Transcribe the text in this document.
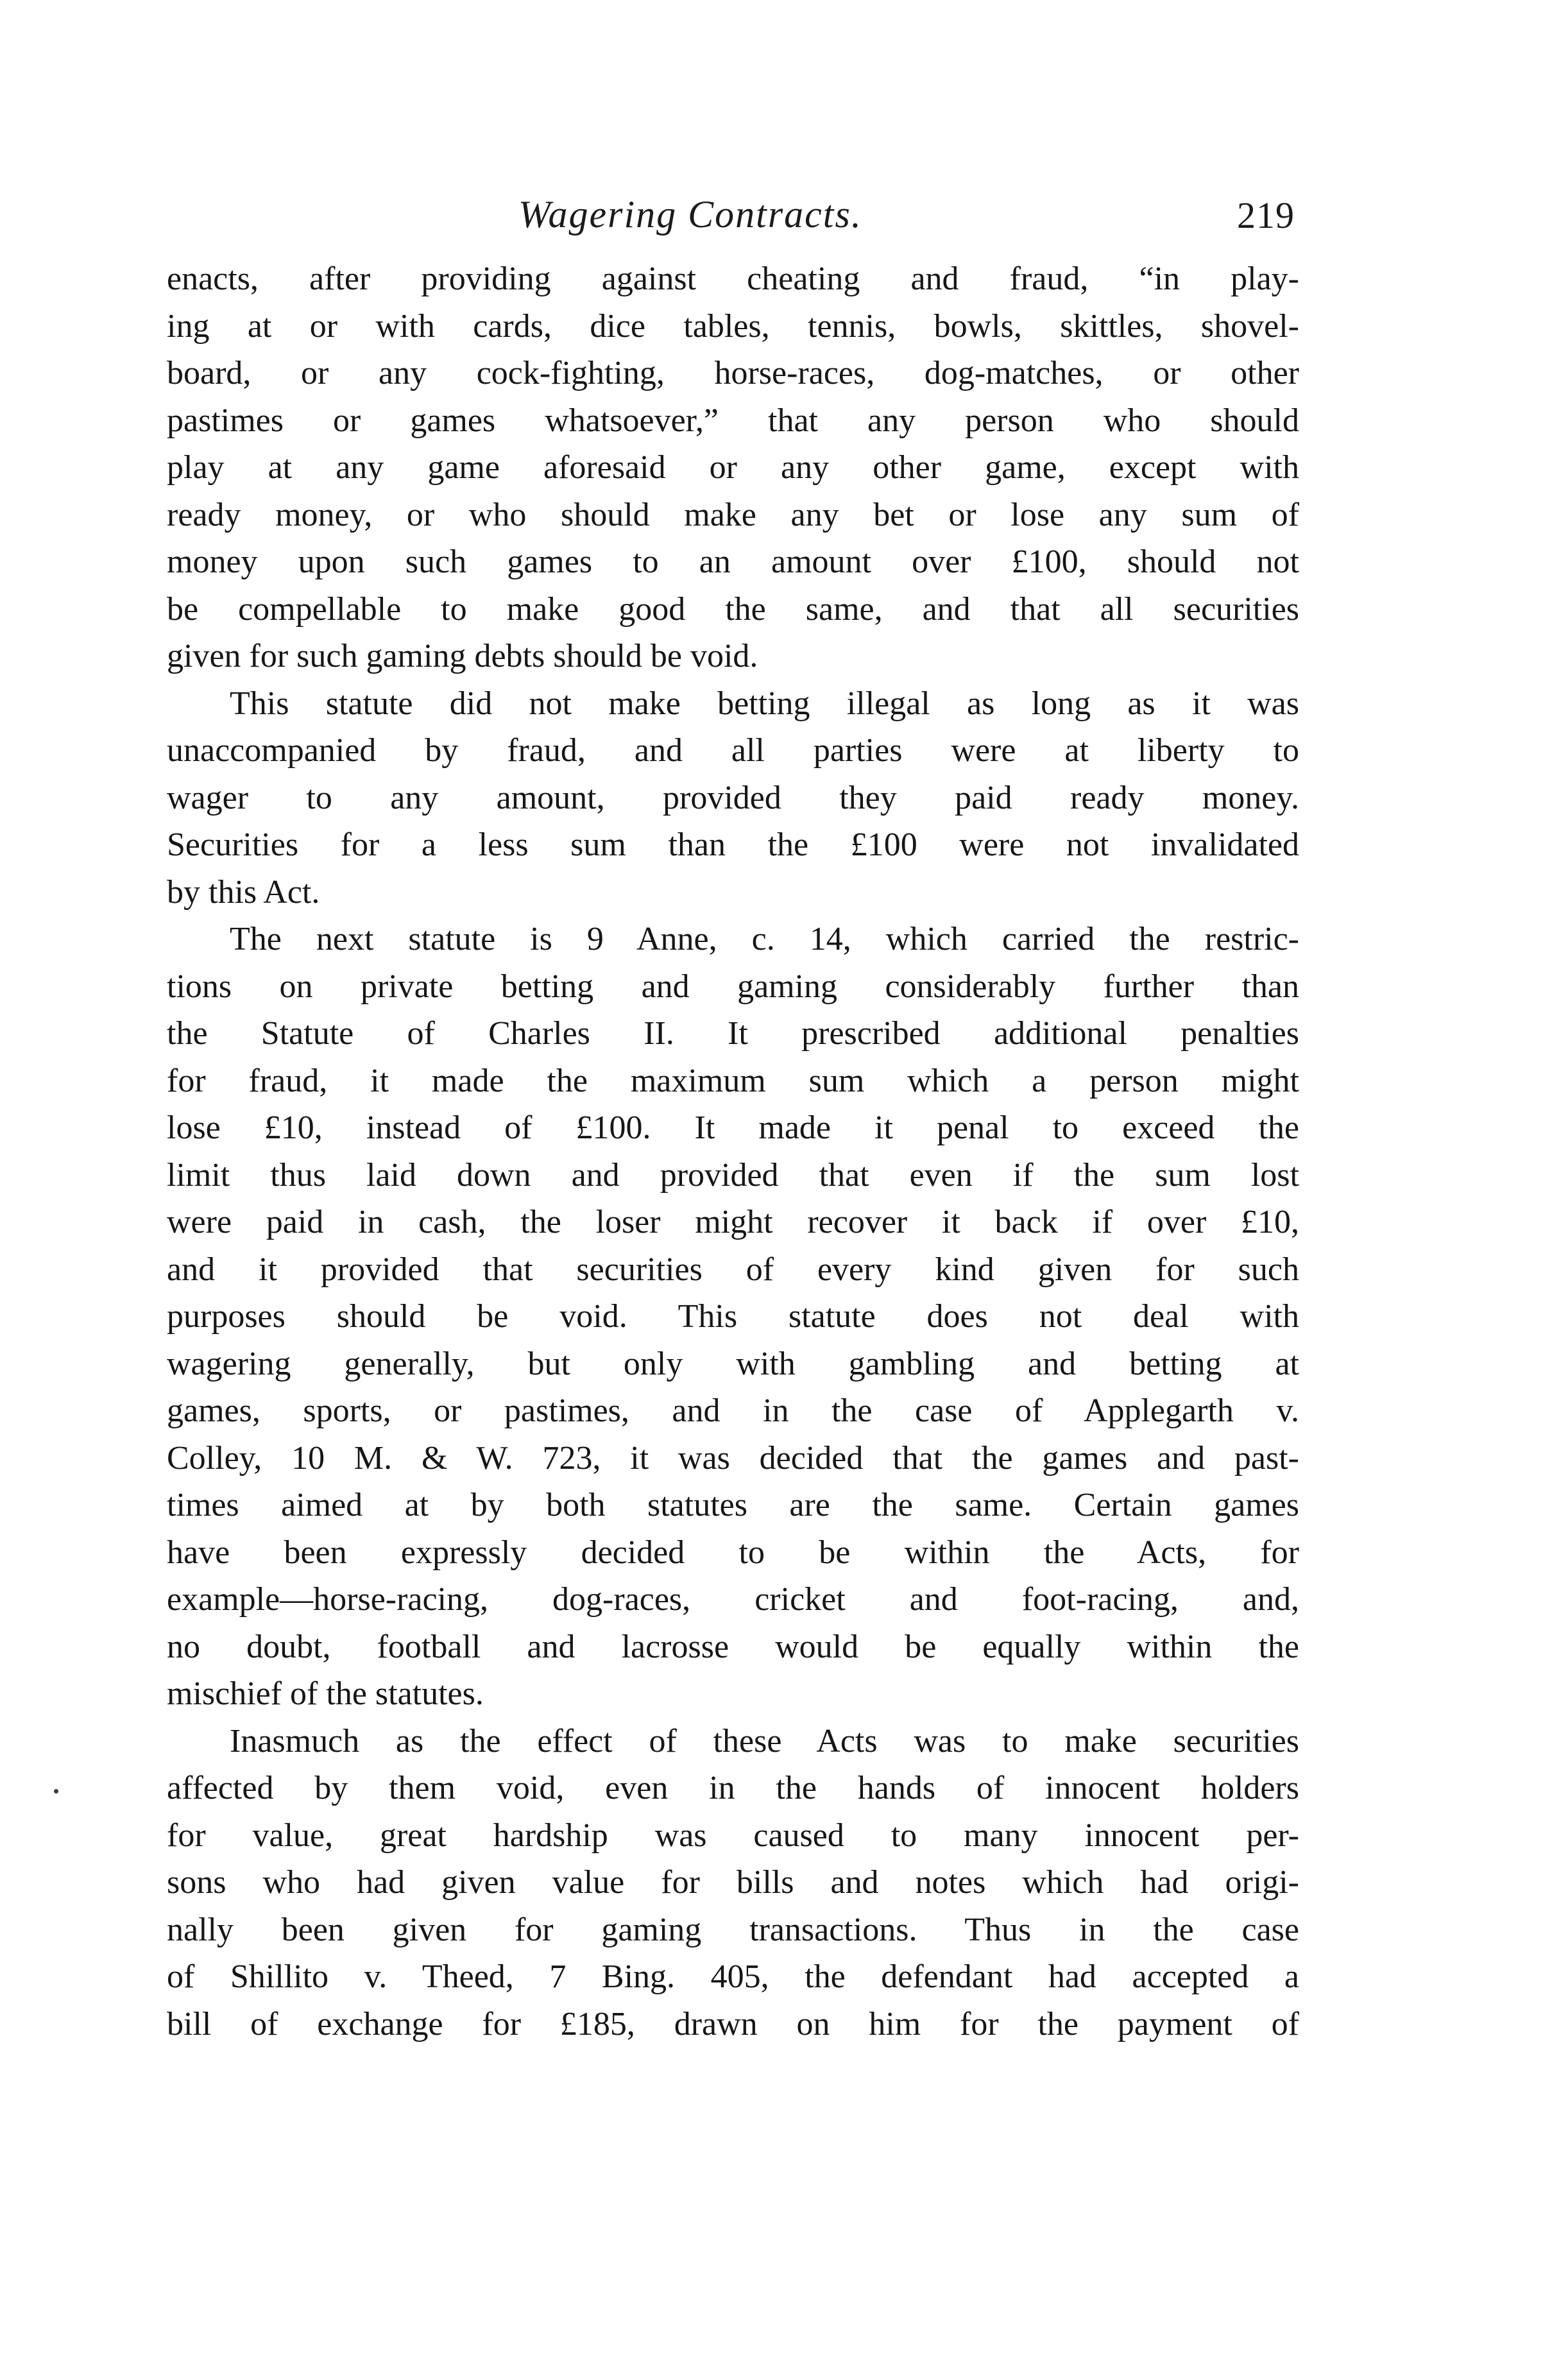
Wagering Contracts.	219
enacts, after providing against cheating and fraud, “in play-
ing at or with cards, dice tables, tennis, bowls, skittles, shovel-
board, or any cock-fighting, horse-races, dog-matches, or other
pastimes or games whatsoever,” that any person who should
play at any game aforesaid or any other game, except with
ready money, or who should make any bet or lose any sum of
money upon such games to an amount over £100, should not
be compellable to make good the same, and that all securities
given for such gaming debts should be void.
This statute did not make betting illegal as long as it was
unaccompanied by fraud, and all parties were at liberty to
wager to any amount, provided they paid ready money.
Securities for a less sum than the £100 were not invalidated
by this Act.
The next statute is 9 Anne, c. 14, which carried the restric-
tions on private betting and gaming considerably further than
the Statute of Charles II. It prescribed additional penalties
for fraud, it made the maximum sum which a person might
lose £10, instead of £100. It made it penal to exceed the
limit thus laid down and provided that even if the sum lost
were paid in cash, the loser might recover it back if over £10,
and it provided that securities of every kind given for such
purposes should be void. This statute does not deal with
wagering generally, but only with gambling and betting at
games, sports, or pastimes, and in the case of Applegarth v.
Colley, 10 M. & W. 723, it was decided that the games and past-
times aimed at by both statutes are the same. Certain games
have been expressly decided to be within the Acts, for
example—horse-racing, dog-races, cricket and foot-racing, and,
no doubt, football and lacrosse would be equally within the
mischief of the statutes.
Inasmuch as the effect of these Acts was to make securities
affected by them void, even in the hands of innocent holders
for value, great hardship was caused to many innocent per-
sons who had given value for bills and notes which had origi-
nally been given for gaming transactions. Thus in the case
of Shillito v. Theed, 7 Bing. 405, the defendant had accepted a
bill of exchange for £185, drawn on him for the payment of
